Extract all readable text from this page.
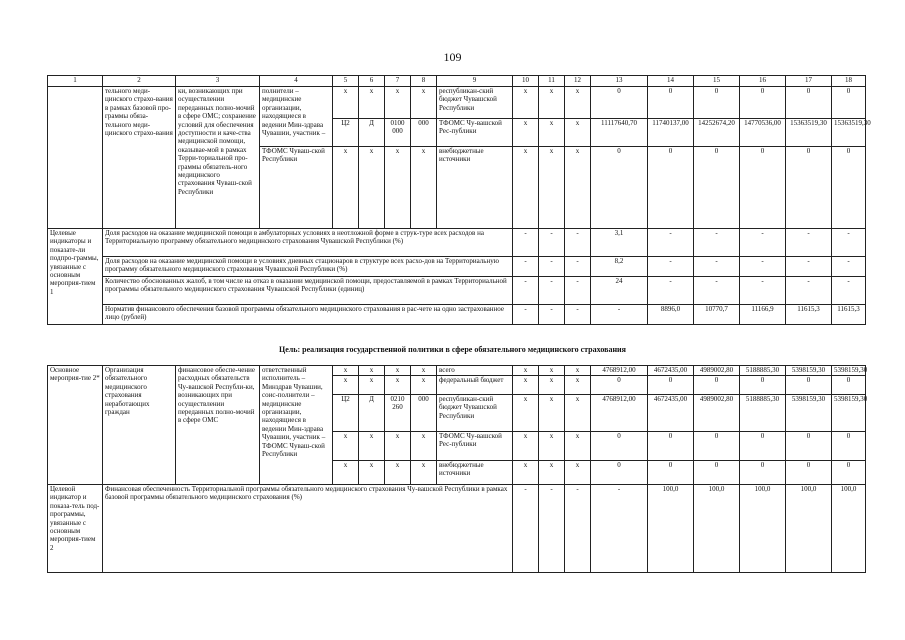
109
1	2	3	4	5	6	7	8	9	10	11	12	13	14	15	16	17	18
	тельного меди-цинского страхо-вания в рамках базовой про-граммы обяза-тельного меди-цинского страхо-вания	ки, возникающих при осуществлении переданных полно-мочий в сфере ОМС; сохранение условий для обеспечения доступности и каче-ства медицинской помощи, оказывае-мой в рамках Терри-ториальной про-граммы обязатель-ного медицинского страхования Чуваш-ской Республики	полнители – медицинские организации, находящиеся в ведении Мин-здрава Чувашии, участник –	x	x	x	x	республикан-ский бюджет Чувашской Республики	x	x	x	0	0	0	0	0	0
				Ц2	Д	0100 000	000	ТФОМС Чу-вашской Рес-публики	x	x	x	11117640,70	11740137,00	14252674,20	14770536,00	15363519,30	15363519,30
			ТФОМС Чуваш-ской Республики	x	x	x	x	внебюджетные источники	x	x	x	0	0	0	0	0	0
Целевые индикаторы и показате-ли подпро-граммы, увязанные с основным мероприя-тием 1	Доля расходов на оказание медицинской помощи в амбулаторных условиях в неотложной форме в струк-туре всех расходов на Территориальную программу обязательного медицинского страхования Чувашской Республики (%)								-	-	-	3,1	-	-	-	-	-
	Доля расходов на оказание медицинской помощи в условиях дневных стационаров в структуре всех расхо-дов на Территориальную программу обязательного медицинского страхования Чувашской Республики (%)								-	-	-	8,2	-	-	-	-	-
	Количество обоснованных жалоб, в том числе на отказ в оказании медицинской помощи, предоставляемой в рамках Территориальной программы обязательного медицинского страхования Чувашской Республики (единиц)								-	-	-	24	-	-	-	-	-
	Норматив финансового обеспечения базовой программы обязательного медицинского страхования в рас-чете на одно застрахованное лицо (рублей)								-	-	-	-	8896,0	10770,7	11166,9	11615,3	11615,3
Цель: реализация государственной политики в сфере обязательного медицинского страхования
Основное мероприя-тие 2*	Организация обязательного медицинского страхования неработающих граждан	финансовое обеспе-чение расходных обязательств Чу-вашской Республи-ки, возникающих при осуществлении переданных полно-мочий в сфере ОМС	ответственный исполнитель – Минздрав Чувашии, соис-полнители – медицинские организации, находящиеся в ведении Мин-здрава Чувашии, участник – ТФОМС Чуваш-ской Республики	x	x	x	x	всего	x	x	x	4768912,00	4672435,00	4989002,80	5188885,30	5398159,30	5398159,30
				x	x	x	x	федеральный бюджет	x	x	x	0	0	0	0	0	0
				Ц2	Д	0210 260	000	республикан-ский бюджет Чувашской Республики	x	x	x	4768912,00	4672435,00	4989002,80	5188885,30	5398159,30	5398159,30
				x	x	x	x	ТФОМС Чу-вашской Рес-публики	x	x	x	0	0	0	0	0	0
				x	x	x	x	внебюджетные источники	x	x	x	0	0	0	0	0	0
Целевой индикатор и показа-тель под-программы, увязанные с основным мероприя-тием 2	Финансовая обеспеченность Территориальной программы обязательного медицинского страхования Чу-вашской Республики в рамках базовой программы обязательного медицинского страхования (%)								-	-	-	-	100,0	100,0	100,0	100,0	100,0
